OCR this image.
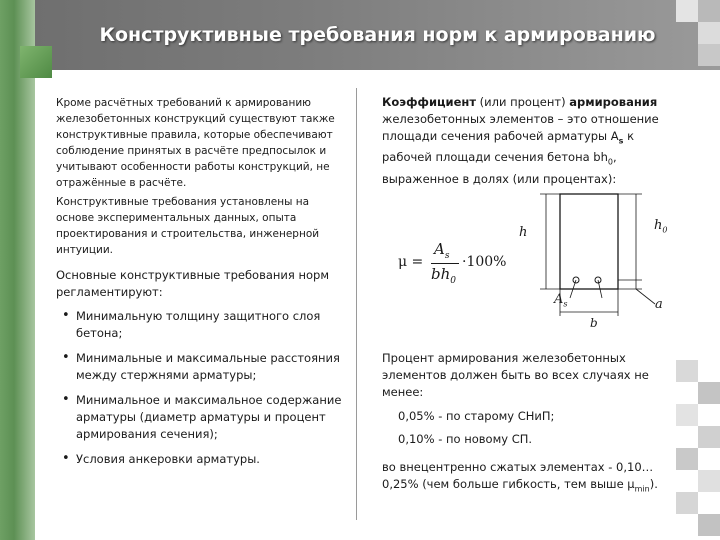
Конструктивные требования норм к армированию
Кроме расчётных требований к армированию железобетонных конструкций существуют также конструктивные правила, которые обеспечивают соблюдение принятых в расчёте предпосылок и учитывают особенности работы конструкций, не отражённые в расчёте.
Конструктивные требования установлены на основе экспериментальных данных, опыта проектирования и строительства, инженерной интуиции.
Основные конструктивные требования норм регламентируют:
• Минимальную толщину защитного слоя бетона;
• Минимальные и максимальные расстояния между стержнями арматуры;
• Минимальное и максимальное содержание арматуры (диаметр арматуры и процент армирования сечения);
• Условия анкеровки арматуры.
Коэффициент (или процент) армирования железобетонных элементов – это отношение площади сечения рабочей арматуры $A_s$ к рабочей площади сечения бетона $bh_0$, выраженное в долях (или процентах):
μ =
$A_s$
$bh_0$
·100%
h	$h_0$
$A_s$	a
b
Процент армирования железобетонных элементов должен быть во всех случаях не менее:
0,05% - по старому СНиП;
0,10% - по новому СП.
во внецентренно сжатых элементах - 0,10…0,25% (чем больше гибкость, тем выше $\mu_{min}$).
